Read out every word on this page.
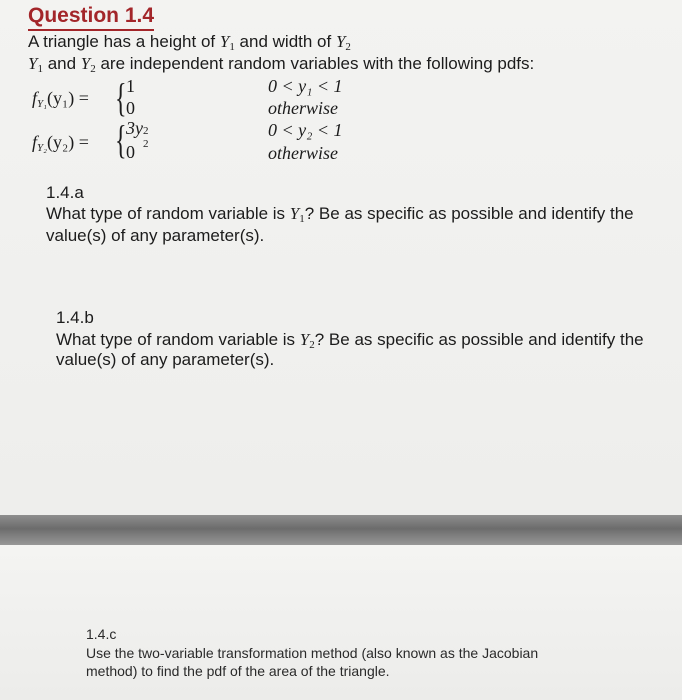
Question 1.4
A triangle has a height of $Y_1$ and width of $Y_2$
$Y_1$ and $Y_2$ are independent random variables with the following pdfs:
$f_{Y_1}(y_1)$ = { 1
0
0 < y₁ < 1
otherwise
$f_{Y_2}(y_2)$ = { 3y 2
2
0
0 < y₂ < 1
otherwise
1.4.a
What type of random variable is $Y_1$? Be as specific as possible and identify the
value(s) of any parameter(s).
1.4.b
What type of random variable is $Y_2$? Be as specific as possible and identify the
value(s) of any parameter(s).
1.4.c
Use the two-variable transformation method (also known as the Jacobian
method) to find the pdf of the area of the triangle.
